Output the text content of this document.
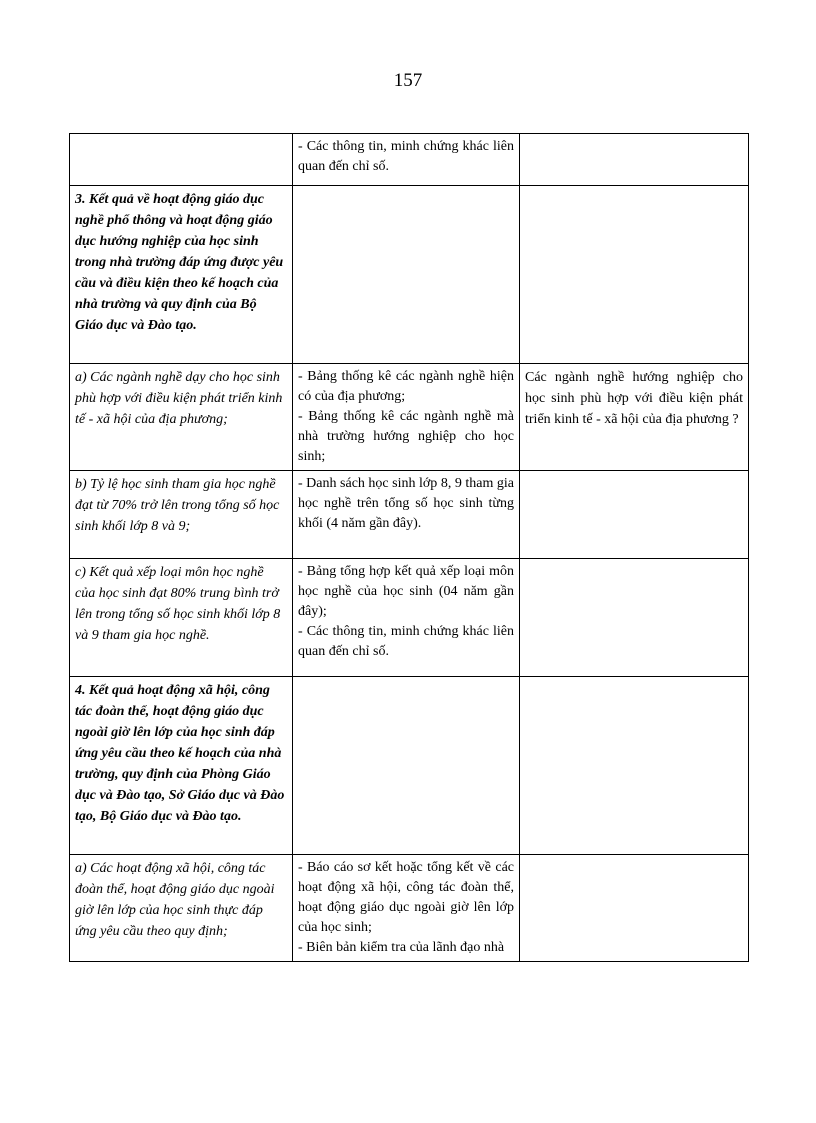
157

	- Các thông tin, minh chứng khác liên quan đến chỉ số.	

3. Kết quả về hoạt động giáo dục nghề phổ thông và hoạt động giáo dục hướng nghiệp của học sinh trong nhà trường đáp ứng được yêu cầu và điều kiện theo kế hoạch của nhà trường và quy định của Bộ Giáo dục và Đào tạo.		
a) Các ngành nghề dạy cho học sinh phù hợp với điều kiện phát triển kinh tế - xã hội của địa phương;	- Bảng thống kê các ngành nghề hiện có của địa phương;
- Bảng thống kê các ngành nghề mà nhà trường hướng nghiệp cho học sinh;	Các ngành nghề hướng nghiệp cho học sinh phù hợp với điều kiện phát triển kinh tế - xã hội của địa phương ?
b) Tỷ lệ học sinh tham gia học nghề đạt từ 70% trở lên trong tổng số học sinh khối lớp 8 và 9;	- Danh sách học sinh lớp 8, 9 tham gia học nghề trên tổng số học sinh từng khối (4 năm gần đây).	

c) Kết quả xếp loại môn học nghề của học sinh đạt 80% trung bình trở lên trong tổng số học sinh khối lớp 8 và 9 tham gia học nghề.	- Bảng tổng hợp kết quả xếp loại môn học nghề của học sinh (04 năm gần đây);
- Các thông tin, minh chứng khác liên quan đến chỉ số.	

4. Kết quả hoạt động xã hội, công tác đoàn thể, hoạt động giáo dục ngoài giờ lên lớp của học sinh đáp ứng yêu cầu theo kế hoạch của nhà trường, quy định của Phòng Giáo dục và Đào tạo, Sở Giáo dục và Đào tạo, Bộ Giáo dục và Đào tạo.		
a) Các hoạt động xã hội, công tác đoàn thể, hoạt động giáo dục ngoài giờ lên lớp của học sinh thực đáp ứng yêu cầu theo quy định;	- Báo cáo sơ kết hoặc tổng kết về các hoạt động xã hội, công tác đoàn thể, hoạt động giáo dục ngoài giờ lên lớp của học sinh;
- Biên bản kiểm tra của lãnh đạo nhà	
